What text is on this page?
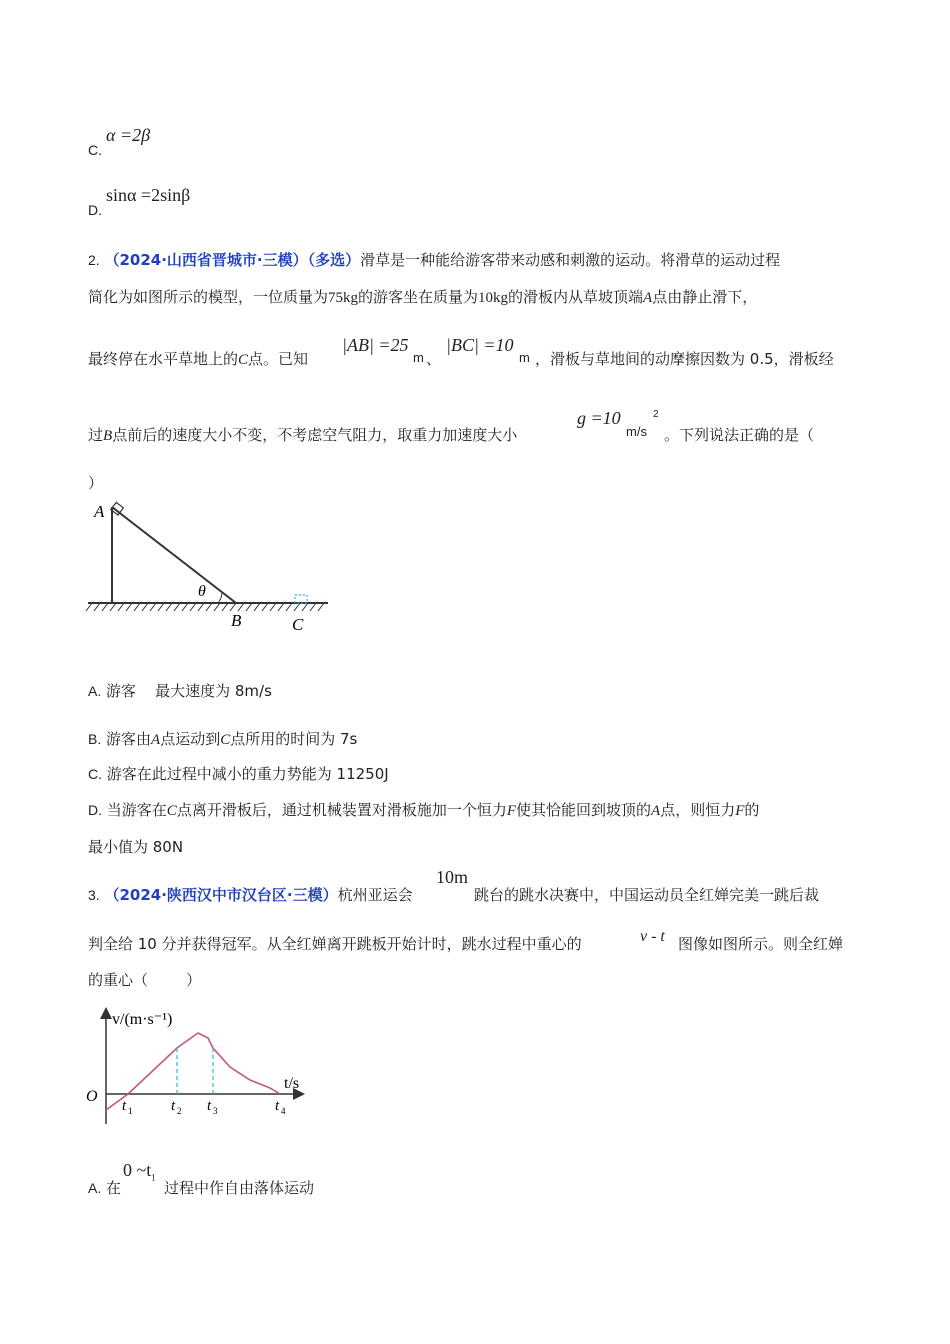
C.
α =2β
D.
sinα =2sinβ
2. （2024·山西省晋城市·三模）（多选）滑草是一种能给游客带来动感和刺激的运动。将滑草的运动过程
简化为如图所示的模型，一位质量为75kg的游客坐在质量为10kg的滑板内从草坡顶端A点由静止滑下，
最终停在水平草地上的C点。已知
|AB| =25
m 、
|BC| =10
m ，滑板与草地间的动摩擦因数为 0.5，滑板经
过B点前后的速度大小不变，不考虑空气阻力，取重力加速度大小
g =10
m/s
2
。下列说法正确的是（
）
A
θ
B	C
A. 游客    最大速度为 8m/s
B. 游客由A点运动到C点所用的时间为 7s
C. 游客在此过程中减小的重力势能为 11250J
D. 当游客在C点离开滑板后，通过机械装置对滑板施加一个恒力F使其恰能回到坡顶的A点，则恒力F的
最小值为 80N
3. （2024·陕西汉中市汉台区·三模）杭州亚运会
10m
跳台的跳水决赛中，中国运动员全红婵完美一跳后裁
判全给 10 分并获得冠军。从全红婵离开跳板开始计时，跳水过程中重心的	v - t 图像如图所示。则全红婵
的重心（        ）
v/(m·s⁻¹)
t/s
O
t 1	t 2 t 3	t 4
A. 在
0 $\sim t_1$
过程中作自由落体运动
